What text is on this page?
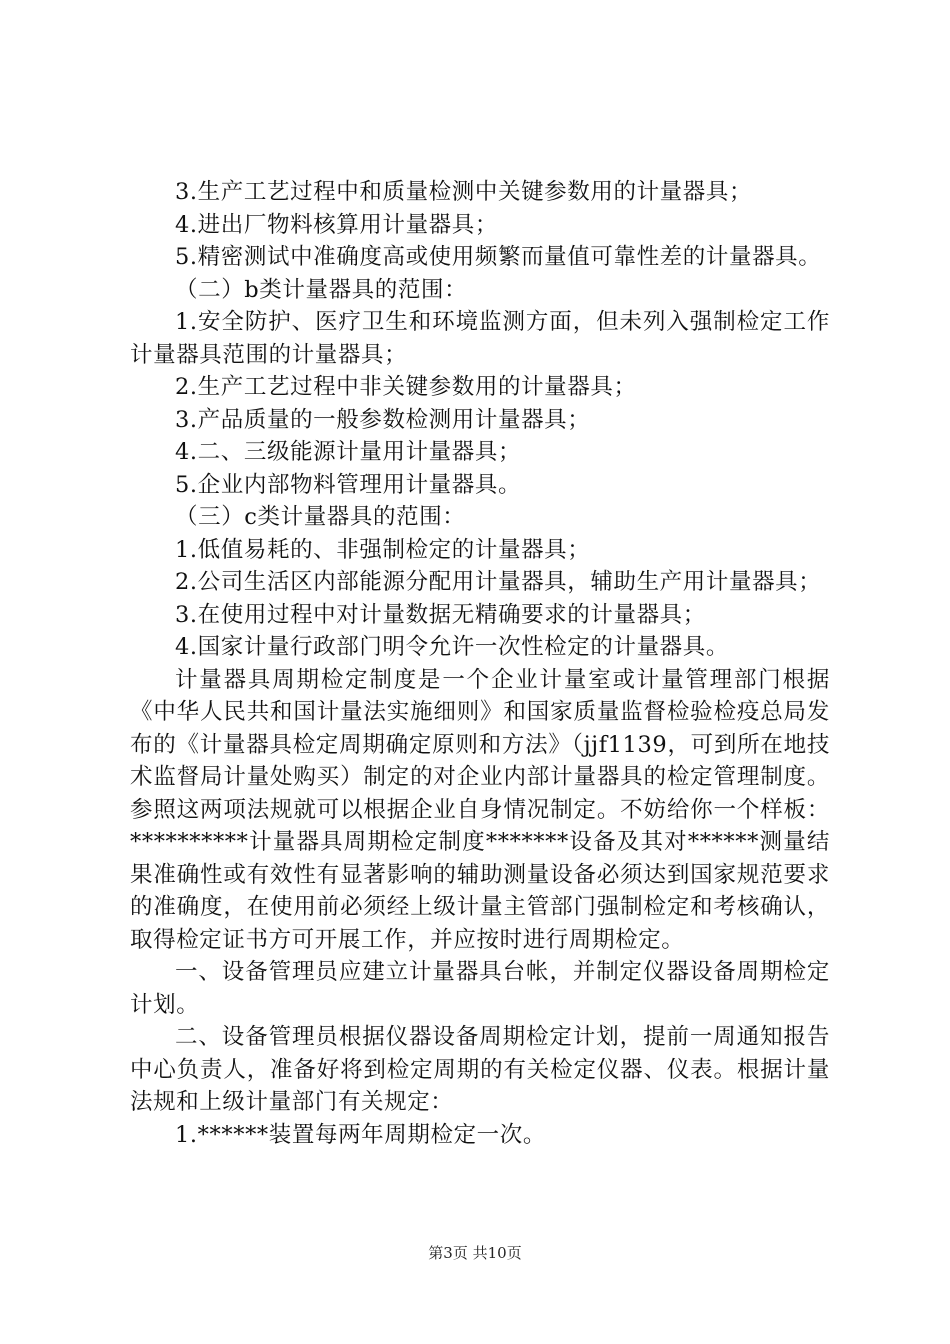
3.生产工艺过程中和质量检测中关键参数用的计量器具；

4.进出厂物料核算用计量器具；

5.精密测试中准确度高或使用频繁而量值可靠性差的计量器具。

（二）b类计量器具的范围：

1.安全防护、医疗卫生和环境监测方面，但未列入强制检定工作计量器具范围的计量器具；

2.生产工艺过程中非关键参数用的计量器具；

3.产品质量的一般参数检测用计量器具；

4.二、三级能源计量用计量器具；

5.企业内部物料管理用计量器具。

（三）c类计量器具的范围：

1.低值易耗的、非强制检定的计量器具；

2.公司生活区内部能源分配用计量器具，辅助生产用计量器具；

3.在使用过程中对计量数据无精确要求的计量器具；

4.国家计量行政部门明令允许一次性检定的计量器具。

计量器具周期检定制度是一个企业计量室或计量管理部门根据《中华人民共和国计量法实施细则》和国家质量监督检验检疫总局发布的《计量器具检定周期确定原则和方法》（jjf1139，可到所在地技术监督局计量处购买）制定的对企业内部计量器具的检定管理制度。参照这两项法规就可以根据企业自身情况制定。不妨给你一个样板：**********计量器具周期检定制度*******设备及其对******测量结果准确性或有效性有显著影响的辅助测量设备必须达到国家规范要求的准确度，在使用前必须经上级计量主管部门强制检定和考核确认，取得检定证书方可开展工作，并应按时进行周期检定。

一、设备管理员应建立计量器具台帐，并制定仪器设备周期检定计划。

二、设备管理员根据仪器设备周期检定计划，提前一周通知报告中心负责人，准备好将到检定周期的有关检定仪器、仪表。根据计量法规和上级计量部门有关规定：

1.******装置每两年周期检定一次。

第3页 共10页
